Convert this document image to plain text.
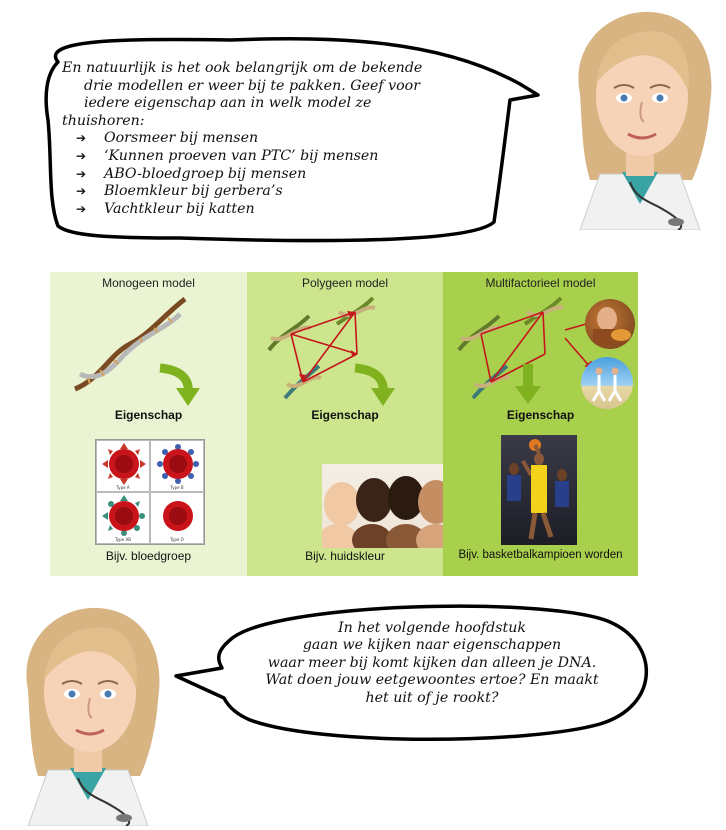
En natuurlijk is het ook belangrijk om de bekende
drie modellen er weer bij te pakken. Geef voor
iedere eigenschap aan in welk model ze
thuishoren:

➔	Oorsmeer bij mensen
➔	‘Kunnen proeven van PTC’ bij mensen
➔	ABO-bloedgroep bij mensen
➔	Bloemkleur bij gerbera’s
➔	Vachtkleur bij katten
Monogeen model
Eigenschap
Type A	Type B
Type AB	Type O
Bijv. bloedgroep
Polygeen model
Eigenschap
Bijv. huidskleur
Multifactorieel model
Eigenschap
Bijv. basketbalkampioen worden
In het volgende hoofdstuk
gaan we kijken naar eigenschappen
waar meer bij komt kijken dan alleen je DNA.
Wat doen jouw eetgewoontes ertoe? En maakt
het uit of je rookt?
